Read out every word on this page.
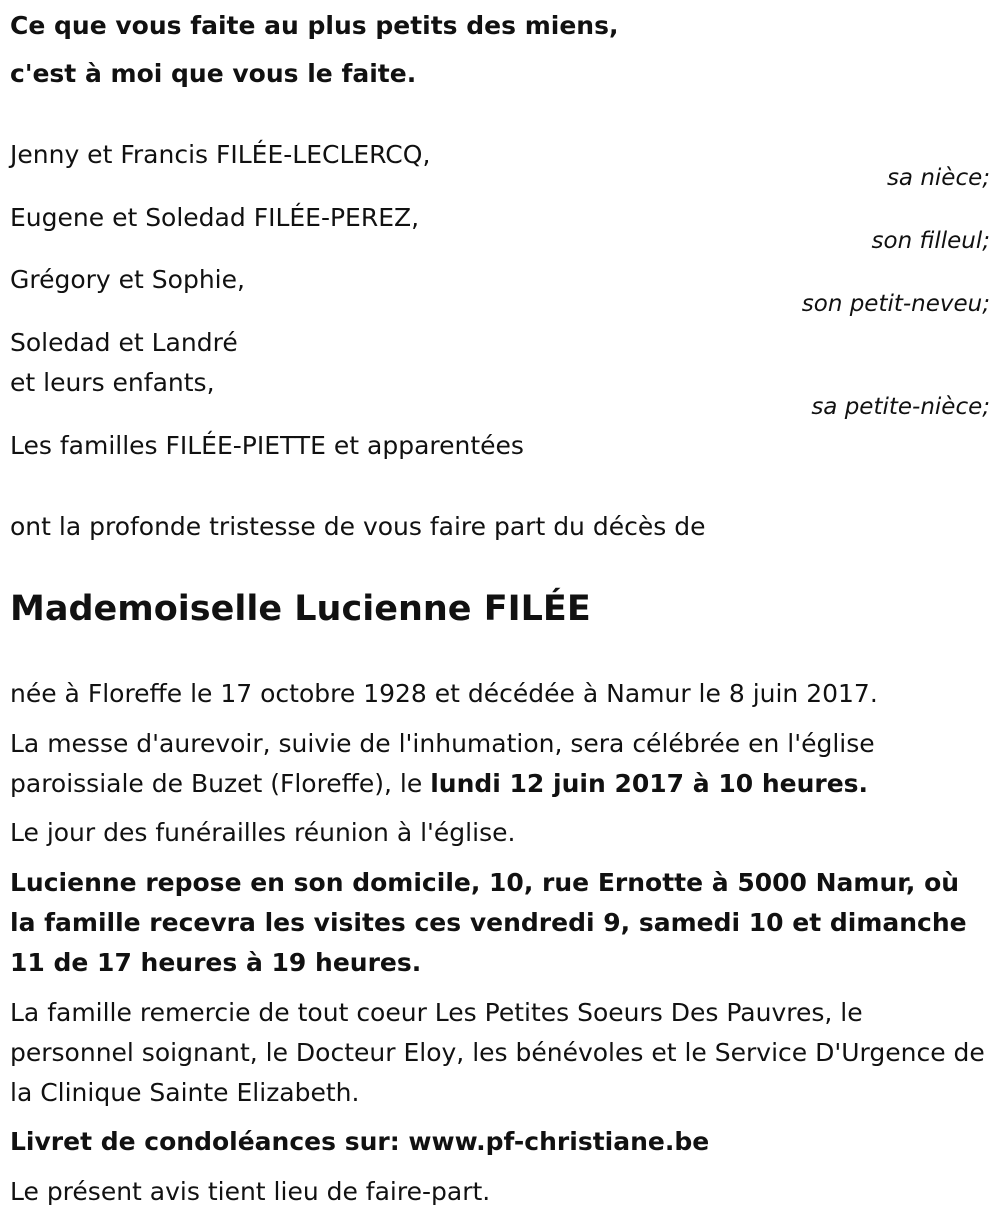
Ce que vous faite au plus petits des miens,
c'est à moi que vous le faite.
Jenny et Francis FILÉE-LECLERCQ,
sa nièce;
Eugene et Soledad FILÉE-PEREZ,
son filleul;
Grégory et Sophie,
son petit-neveu;
Soledad et Landré
et leurs enfants,
sa petite-nièce;
Les familles FILÉE-PIETTE et apparentées
ont la profonde tristesse de vous faire part du décès de
Mademoiselle Lucienne FILÉE
née à Floreffe le 17 octobre 1928 et décédée à Namur le 8 juin 2017.
La messe d'aurevoir, suivie de l'inhumation, sera célébrée en l'église paroissiale de Buzet (Floreffe), le lundi 12 juin 2017 à 10 heures.
Le jour des funérailles réunion à l'église.
Lucienne repose en son domicile, 10, rue Ernotte à 5000 Namur, où la famille recevra les visites ces vendredi 9, samedi 10 et dimanche 11 de 17 heures à 19 heures.
La famille remercie de tout coeur Les Petites Soeurs Des Pauvres, le personnel soignant, le Docteur Eloy, les bénévoles et le Service D'Urgence de la Clinique Sainte Elizabeth.
Livret de condoléances sur: www.pf-christiane.be
Le présent avis tient lieu de faire-part.
